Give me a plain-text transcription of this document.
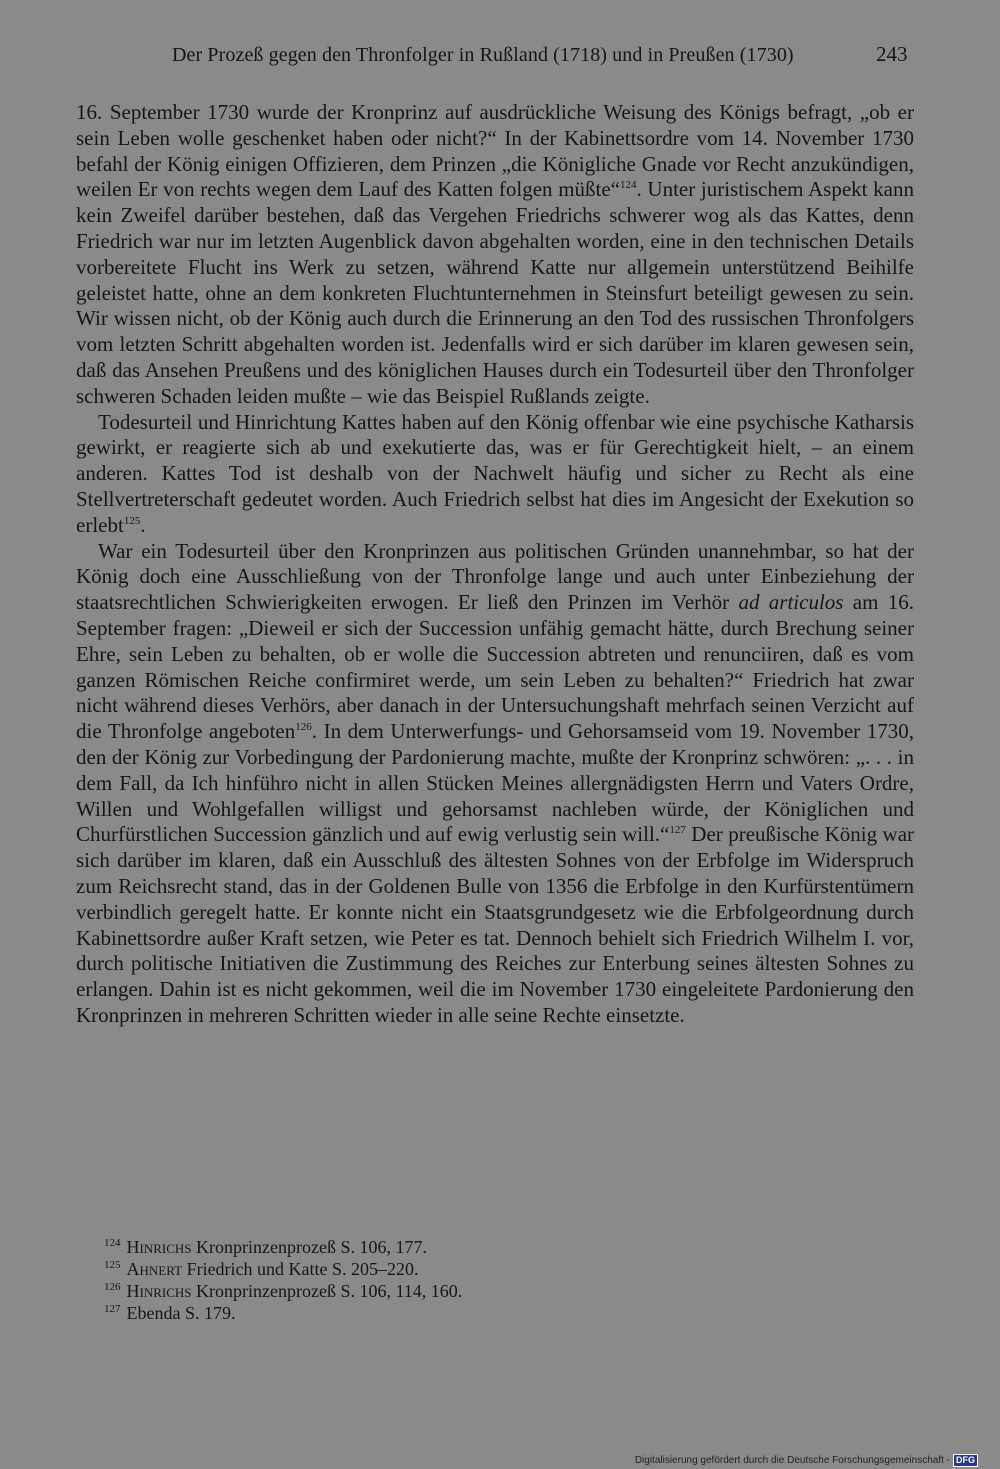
Der Prozeß gegen den Thronfolger in Rußland (1718) und in Preußen (1730)	243

16. September 1730 wurde der Kronprinz auf ausdrückliche Weisung des Königs befragt, „ob er sein Leben wolle geschenket haben oder nicht?“ In der Kabinettsordre vom 14. November 1730 befahl der König einigen Offizieren, dem Prinzen „die Königliche Gnade vor Recht anzukündigen, weilen Er von rechts wegen dem Lauf des Katten folgen müßte“$^{124}$. Unter juristischem Aspekt kann kein Zweifel darüber bestehen, daß das Vergehen Friedrichs schwerer wog als das Kattes, denn Friedrich war nur im letzten Augenblick davon abgehalten worden, eine in den technischen Details vorbereitete Flucht ins Werk zu setzen, während Katte nur allgemein unterstützend Beihilfe geleistet hatte, ohne an dem konkreten Fluchtunternehmen in Steinsfurt beteiligt gewesen zu sein. Wir wissen nicht, ob der König auch durch die Erinnerung an den Tod des russischen Thronfolgers vom letzten Schritt abgehalten worden ist. Jedenfalls wird er sich darüber im klaren gewesen sein, daß das Ansehen Preußens und des königlichen Hauses durch ein Todesurteil über den Thronfolger schweren Schaden leiden mußte – wie das Beispiel Rußlands zeigte.

Todesurteil und Hinrichtung Kattes haben auf den König offenbar wie eine psychische Katharsis gewirkt, er reagierte sich ab und exekutierte das, was er für Gerechtigkeit hielt, – an einem anderen. Kattes Tod ist deshalb von der Nachwelt häufig und sicher zu Recht als eine Stellvertreterschaft gedeutet worden. Auch Friedrich selbst hat dies im Angesicht der Exekution so erlebt$^{125}$.

War ein Todesurteil über den Kronprinzen aus politischen Gründen unannehmbar, so hat der König doch eine Ausschließung von der Thronfolge lange und auch unter Einbeziehung der staatsrechtlichen Schwierigkeiten erwogen. Er ließ den Prinzen im Verhör ad articulos am 16. September fragen: „Dieweil er sich der Succession unfähig gemacht hätte, durch Brechung seiner Ehre, sein Leben zu behalten, ob er wolle die Succession abtreten und renunciiren, daß es vom ganzen Römischen Reiche confirmiret werde, um sein Leben zu behalten?“ Friedrich hat zwar nicht während dieses Verhörs, aber danach in der Untersuchungshaft mehrfach seinen Verzicht auf die Thronfolge angeboten$^{126}$. In dem Unterwerfungs- und Gehorsamseid vom 19. November 1730, den der König zur Vorbedingung der Pardonierung machte, mußte der Kronprinz schwören: „. . . in dem Fall, da Ich hinführo nicht in allen Stücken Meines allergnädigsten Herrn und Vaters Ordre, Willen und Wohlgefallen willigst und gehorsamst nachleben würde, der Königlichen und Churfürstlichen Succession gänzlich und auf ewig verlustig sein will.“$^{127}$ Der preußische König war sich darüber im klaren, daß ein Ausschluß des ältesten Sohnes von der Erbfolge im Widerspruch zum Reichsrecht stand, das in der Goldenen Bulle von 1356 die Erbfolge in den Kurfürstentümern verbindlich geregelt hatte. Er konnte nicht ein Staatsgrundgesetz wie die Erbfolgeordnung durch Kabinettsordre außer Kraft setzen, wie Peter es tat. Dennoch behielt sich Friedrich Wilhelm I. vor, durch politische Initiativen die Zustimmung des Reiches zur Enterbung seines ältesten Sohnes zu erlangen. Dahin ist es nicht gekommen, weil die im November 1730 eingeleitete Pardonierung den Kronprinzen in mehreren Schritten wieder in alle seine Rechte einsetzte.

$^{124}$ Hinrichs Kronprinzenprozeß S. 106, 177.
$^{125}$ Ahnert Friedrich und Katte S. 205–220.
$^{126}$ Hinrichs Kronprinzenprozeß S. 106, 114, 160.
$^{127}$ Ebenda S. 179.
Digitalisierung gefördert durch die Deutsche Forschungsgemeinschaft - DFG
